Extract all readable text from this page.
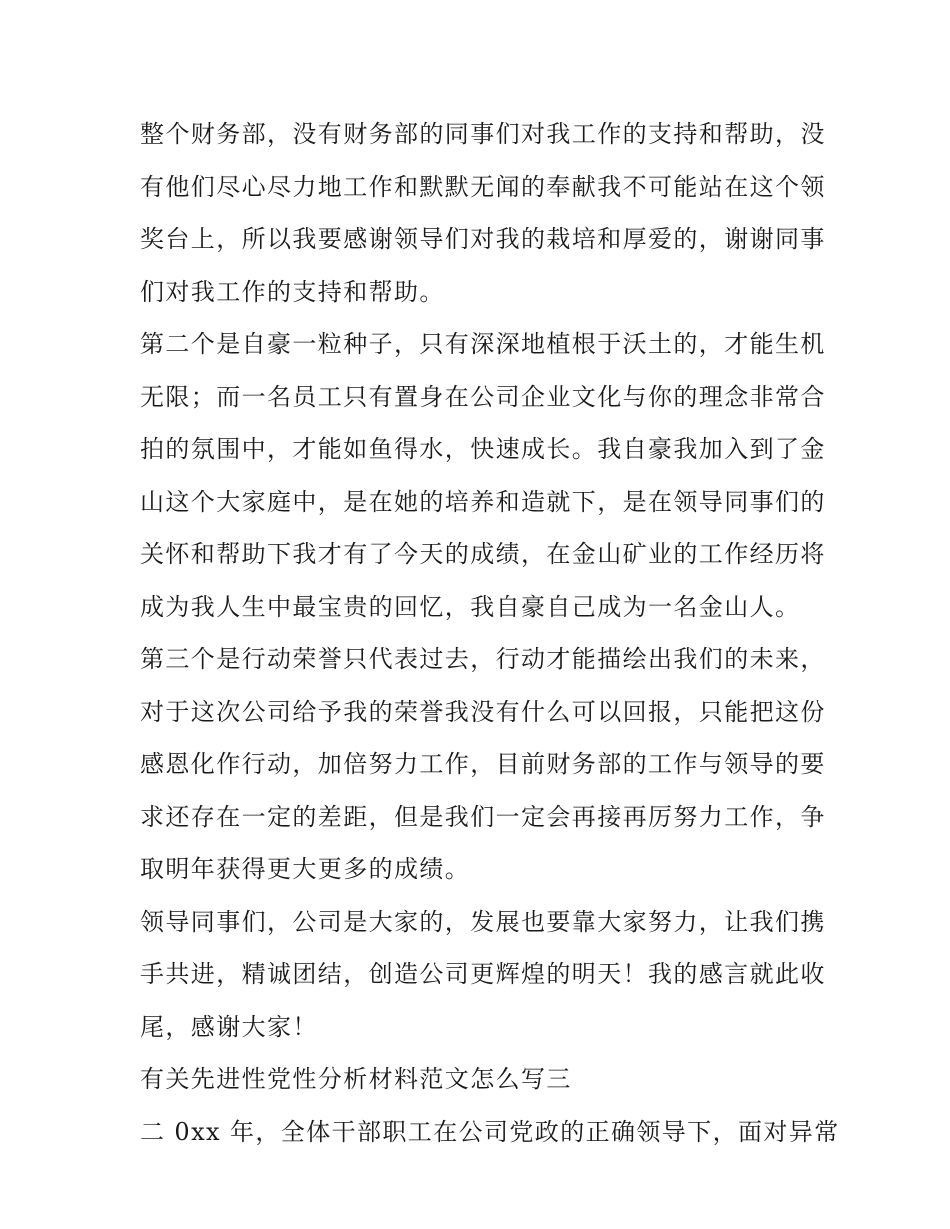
整个财务部，没有财务部的同事们对我工作的支持和帮助，没
有他们尽心尽力地工作和默默无闻的奉献我不可能站在这个领
奖台上，所以我要感谢领导们对我的栽培和厚爱的，谢谢同事
们对我工作的支持和帮助。
第二个是自豪一粒种子，只有深深地植根于沃土的，才能生机
无限；而一名员工只有置身在公司企业文化与你的理念非常合
拍的氛围中，才能如鱼得水，快速成长。我自豪我加入到了金
山这个大家庭中，是在她的培养和造就下，是在领导同事们的
关怀和帮助下我才有了今天的成绩，在金山矿业的工作经历将
成为我人生中最宝贵的回忆，我自豪自己成为一名金山人。
第三个是行动荣誉只代表过去，行动才能描绘出我们的未来，
对于这次公司给予我的荣誉我没有什么可以回报，只能把这份
感恩化作行动，加倍努力工作，目前财务部的工作与领导的要
求还存在一定的差距，但是我们一定会再接再厉努力工作，争
取明年获得更大更多的成绩。
领导同事们，公司是大家的，发展也要靠大家努力，让我们携
手共进，精诚团结，创造公司更辉煌的明天！我的感言就此收
尾，感谢大家！
有关先进性党性分析材料范文怎么写三
二 0xx 年，全体干部职工在公司党政的正确领导下，面对异常
